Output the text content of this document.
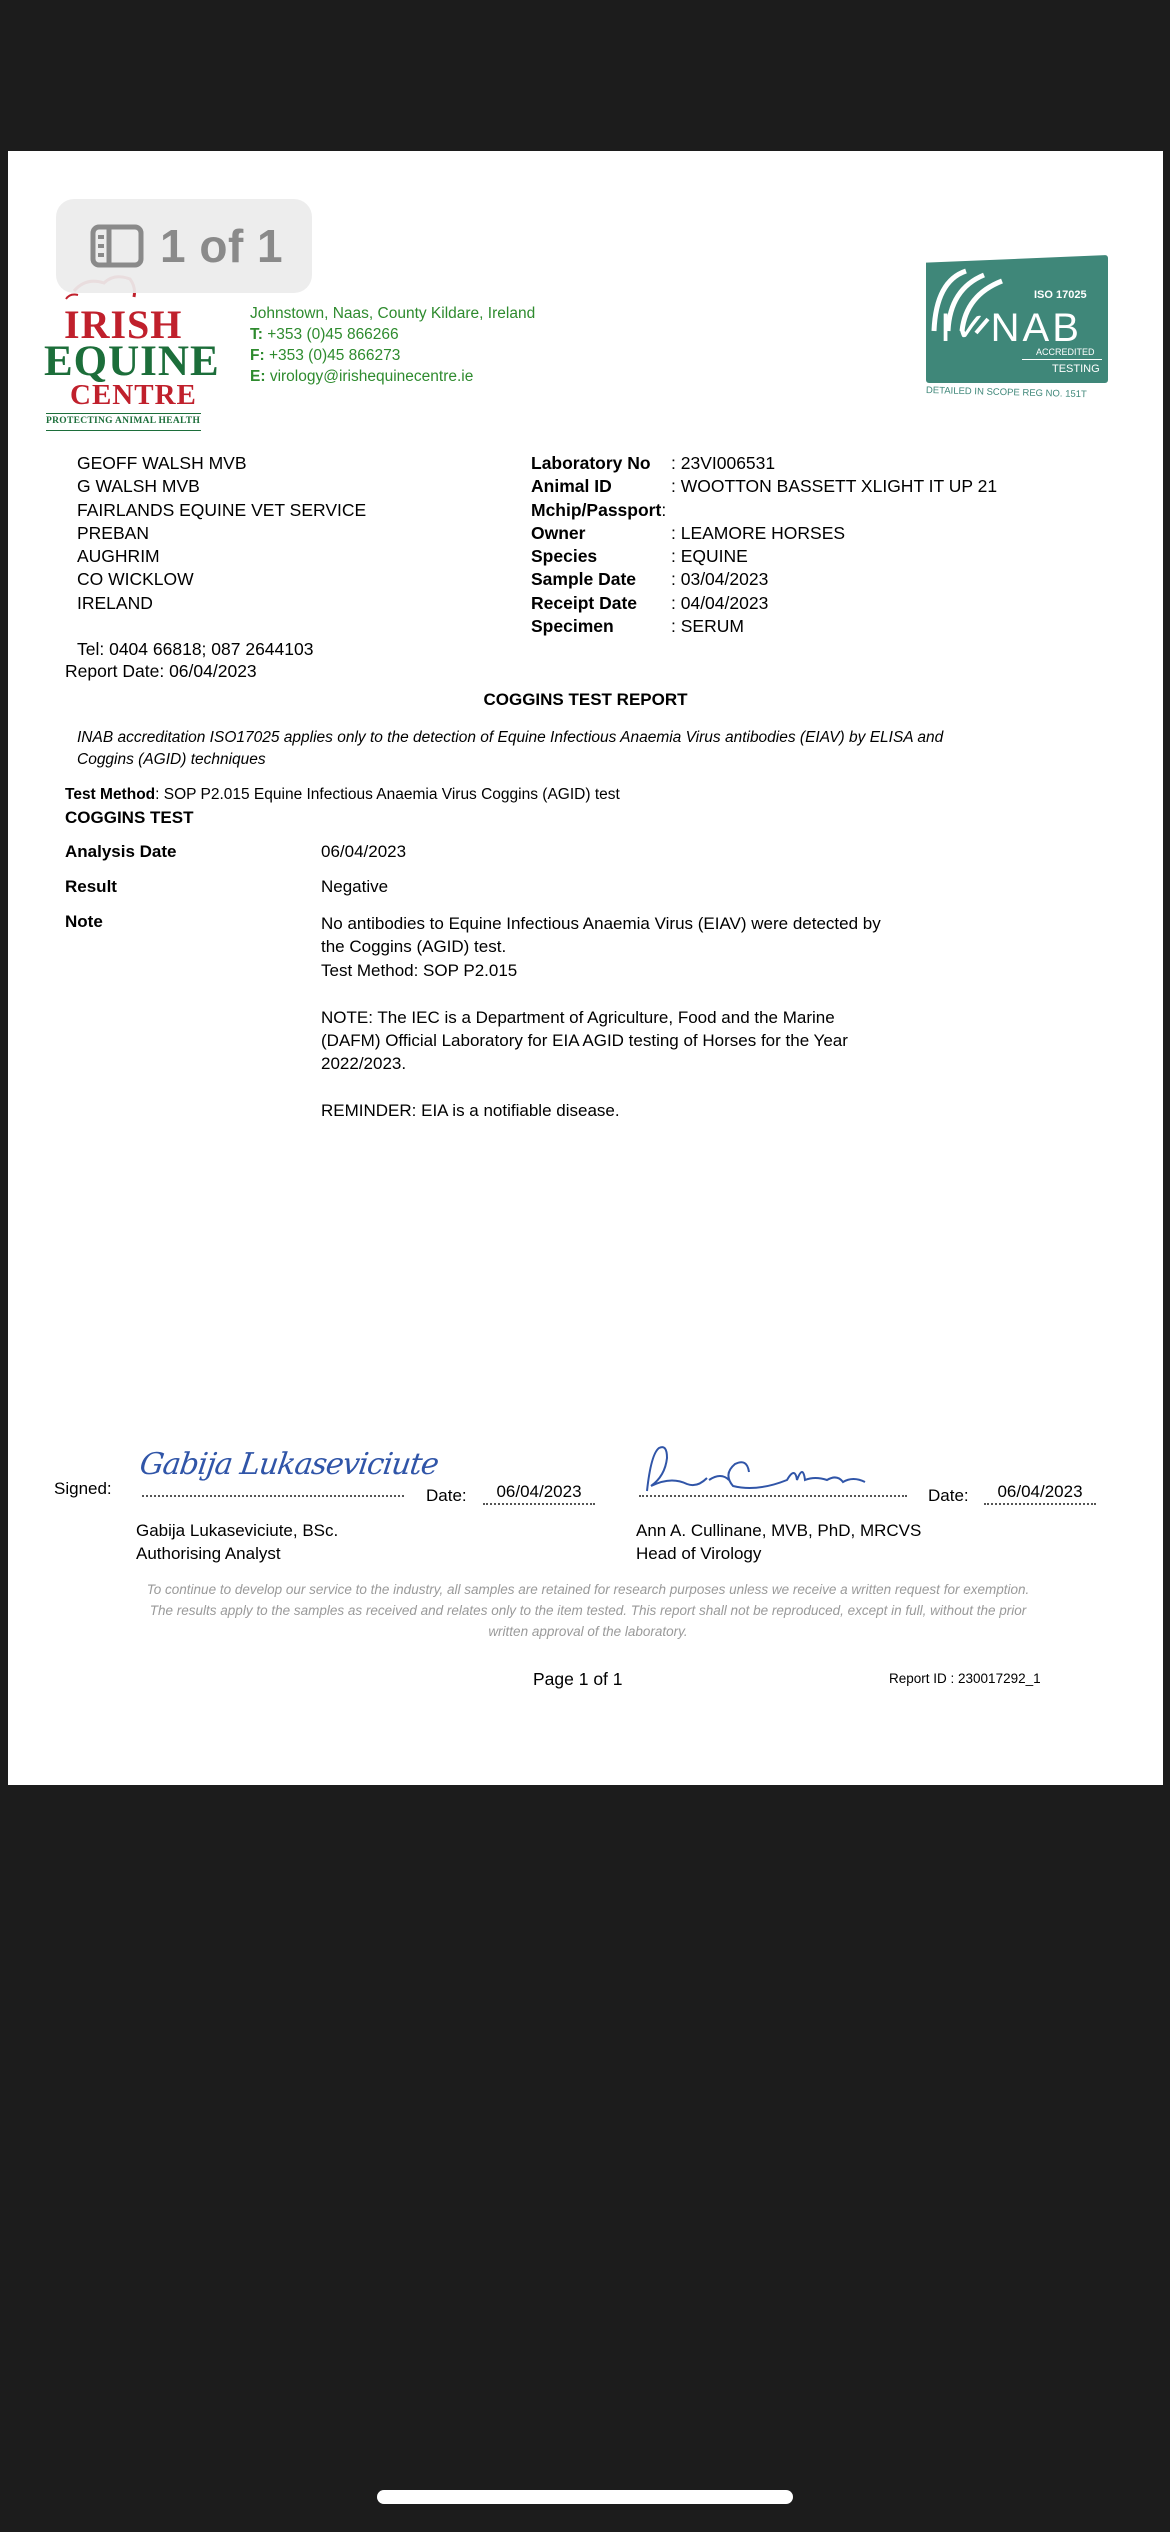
IRISH
EQUINE
CENTRE
PROTECTING ANIMAL HEALTH
Johnstown, Naas, County Kildare, Ireland
T: +353 (0)45 866266
F: +353 (0)45 866273
E: virology@irishequinecentre.ie
ISO 17025
I✓NAB
ACCREDITED
TESTING
DETAILED IN SCOPE REG NO. 151T
GEOFF WALSH MVB
G WALSH MVB
FAIRLANDS EQUINE VET SERVICE
PREBAN
AUGHRIM
CO WICKLOW
IRELAND
Tel: 0404 66818; 087 2644103
Report Date: 06/04/2023
Laboratory No : 23VI006531
Animal ID	: WOOTTON BASSETT XLIGHT IT UP 21
Mchip/Passport:
Owner	: LEAMORE HORSES
Species	: EQUINE
Sample Date : 03/04/2023
Receipt Date : 04/04/2023
Specimen	: SERUM
COGGINS TEST REPORT
INAB accreditation ISO17025 applies only to the detection of Equine Infectious Anaemia Virus antibodies (EIAV) by ELISA and
Coggins (AGID) techniques
Test Method: SOP P2.015 Equine Infectious Anaemia Virus Coggins (AGID) test
COGGINS TEST
Analysis Date	06/04/2023
Result	Negative
Note	No antibodies to Equine Infectious Anaemia Virus (EIAV) were detected by
the Coggins (AGID) test.
Test Method: SOP P2.015
NOTE: The IEC is a Department of Agriculture, Food and the Marine
(DAFM) Official Laboratory for EIA AGID testing of Horses for the Year
2022/2023.
REMINDER: EIA is a notifiable disease.
Signed:
Gabija Lukaseviciute
Date:	06/04/2023	Date:	06/04/2023
Gabija Lukaseviciute, BSc.
Authorising Analyst
Ann A. Cullinane, MVB, PhD, MRCVS
Head of Virology
To continue to develop our service to the industry, all samples are retained for research purposes unless we receive a written request for exemption.
The results apply to the samples as received and relates only to the item tested. This report shall not be reproduced, except in full, without the prior
written approval of the laboratory.
Page 1 of 1	Report ID : 230017292_1
1 of 1
